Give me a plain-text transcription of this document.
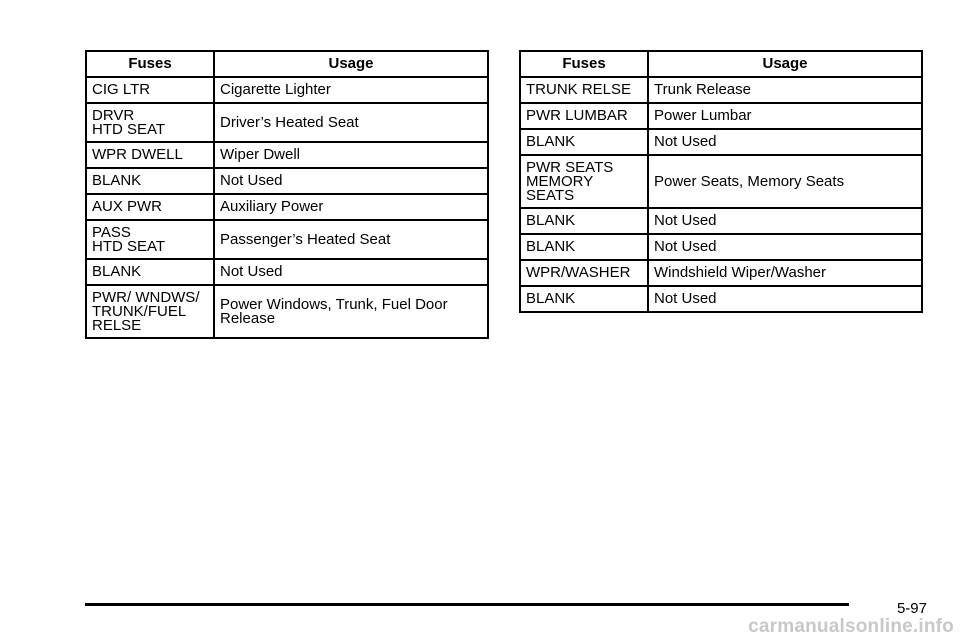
Fuses	Usage
CIG LTR	Cigarette Lighter
DRVR
HTD SEAT	Driver’s Heated Seat
WPR DWELL	Wiper Dwell
BLANK	Not Used
AUX PWR	Auxiliary Power
PASS
HTD SEAT	Passenger’s Heated Seat
BLANK	Not Used
PWR/ WNDWS/
TRUNK/FUEL
RELSE	Power Windows, Trunk, Fuel Door Release
Fuses	Usage
TRUNK RELSE	Trunk Release
PWR LUMBAR	Power Lumbar
BLANK	Not Used
PWR SEATS
MEMORY
SEATS	Power Seats, Memory Seats
BLANK	Not Used
BLANK	Not Used
WPR/WASHER	Windshield Wiper/Washer
BLANK	Not Used
5-97
carmanualsonline.info
